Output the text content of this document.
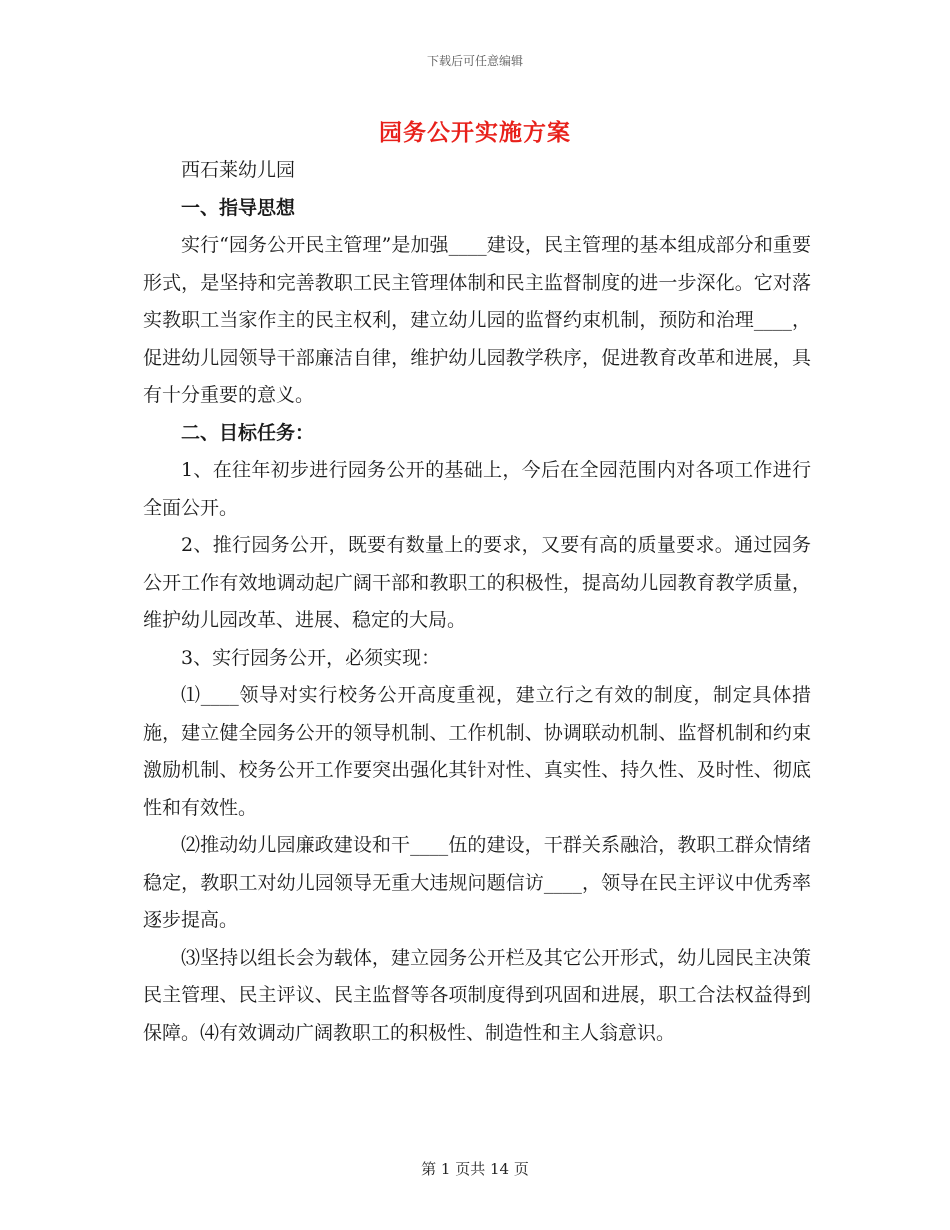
下载后可任意编辑
园务公开实施方案

西石莱幼儿园

一、指导思想

实行“园务公开民主管理”是加强____建设，民主管理的基本组成部分和重要形式，是坚持和完善教职工民主管理体制和民主监督制度的进一步深化。它对落实教职工当家作主的民主权利，建立幼儿园的监督约束机制，预防和治理____，促进幼儿园领导干部廉洁自律，维护幼儿园教学秩序，促进教育改革和进展，具有十分重要的意义。

二、目标任务：

1、在往年初步进行园务公开的基础上，今后在全园范围内对各项工作进行全面公开。

2、推行园务公开，既要有数量上的要求，又要有高的质量要求。通过园务公开工作有效地调动起广阔干部和教职工的积极性，提高幼儿园教育教学质量，维护幼儿园改革、进展、稳定的大局。

3、实行园务公开，必须实现：

⑴____领导对实行校务公开高度重视，建立行之有效的制度，制定具体措施，建立健全园务公开的领导机制、工作机制、协调联动机制、监督机制和约束激励机制、校务公开工作要突出强化其针对性、真实性、持久性、及时性、彻底性和有效性。

⑵推动幼儿园廉政建设和干____伍的建设，干群关系融洽，教职工群众情绪稳定，教职工对幼儿园领导无重大违规问题信访____，领导在民主评议中优秀率逐步提高。

⑶坚持以组长会为载体，建立园务公开栏及其它公开形式，幼儿园民主决策民主管理、民主评议、民主监督等各项制度得到巩固和进展，职工合法权益得到保障。⑷有效调动广阔教职工的积极性、制造性和主人翁意识。

第 1 页共 14 页
